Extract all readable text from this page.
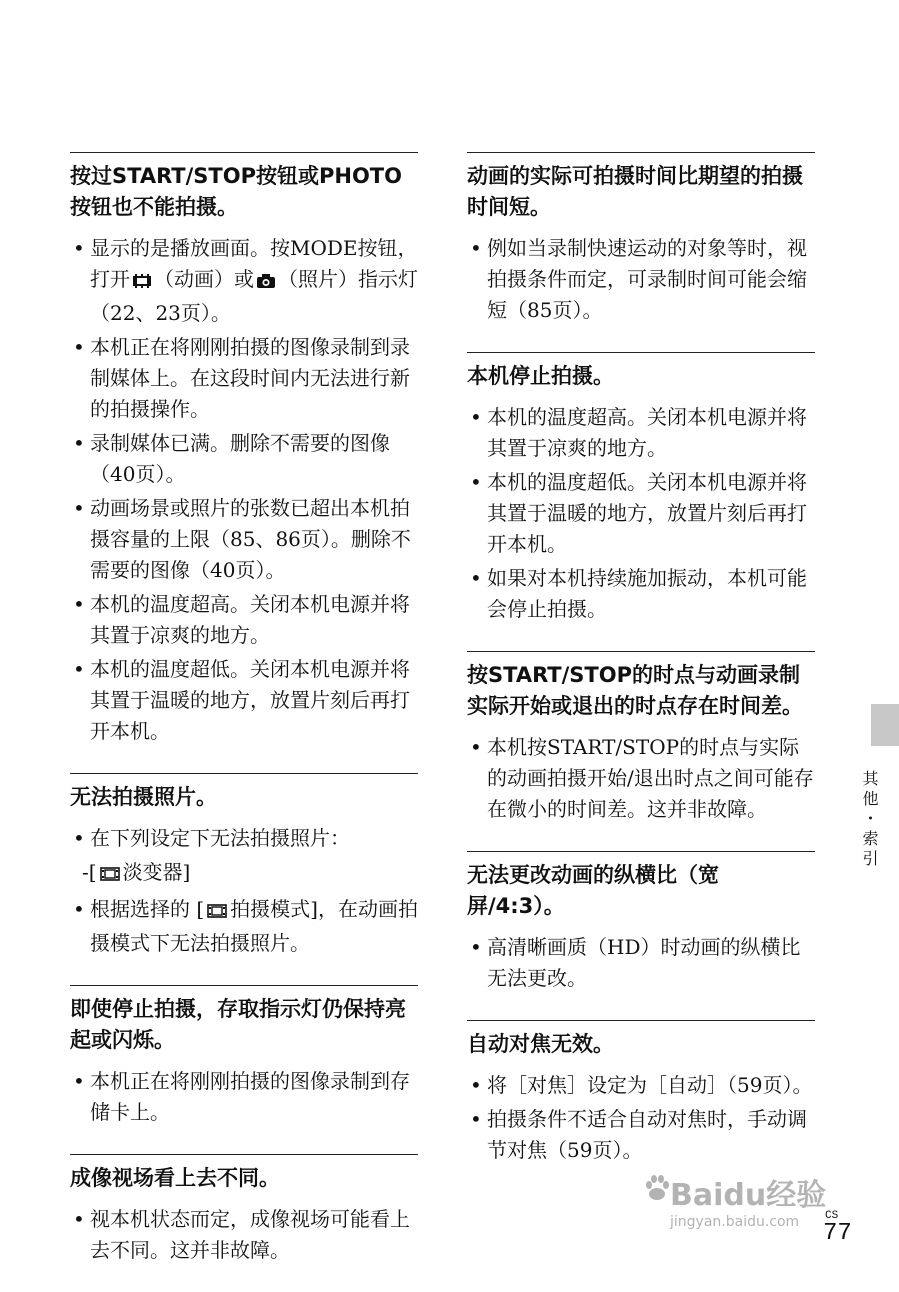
按过START/STOP按钮或PHOTO按钮也不能拍摄。
• 显示的是播放画面。按MODE按钮，打开 （动画）或 （照片）指示灯（22、23页）。
• 本机正在将刚刚拍摄的图像录制到录制媒体上。在这段时间内无法进行新的拍摄操作。
• 录制媒体已满。删除不需要的图像（40页）。
• 动画场景或照片的张数已超出本机拍摄容量的上限（85、86页）。删除不需要的图像（40页）。
• 本机的温度超高。关闭本机电源并将其置于凉爽的地方。
• 本机的温度超低。关闭本机电源并将其置于温暖的地方，放置片刻后再打开本机。
无法拍摄照片。
• 在下列设定下无法拍摄照片：
-[ 淡变器]
• 根据选择的 [ 拍摄模式]，在动画拍摄模式下无法拍摄照片。
即使停止拍摄，存取指示灯仍保持亮起或闪烁。
• 本机正在将刚刚拍摄的图像录制到存储卡上。
成像视场看上去不同。
• 视本机状态而定，成像视场可能看上去不同。这并非故障。
动画的实际可拍摄时间比期望的拍摄时间短。
• 例如当录制快速运动的对象等时，视拍摄条件而定，可录制时间可能会缩短（85页）。
本机停止拍摄。
• 本机的温度超高。关闭本机电源并将其置于凉爽的地方。
• 本机的温度超低。关闭本机电源并将其置于温暖的地方，放置片刻后再打开本机。
• 如果对本机持续施加振动，本机可能会停止拍摄。
按START/STOP的时点与动画录制实际开始或退出的时点存在时间差。
• 本机按START/STOP的时点与实际的动画拍摄开始/退出时点之间可能存在微小的时间差。这并非故障。
无法更改动画的纵横比（宽屏/4:3）。
• 高清晰画质（HD）时动画的纵横比无法更改。
自动对焦无效。
• 将［对焦］设定为［自动］（59页）。
• 拍摄条件不适合自动对焦时，手动调节对焦（59页）。
其他・索引
Baidu经验
jingyan.baidu.com CS
77
